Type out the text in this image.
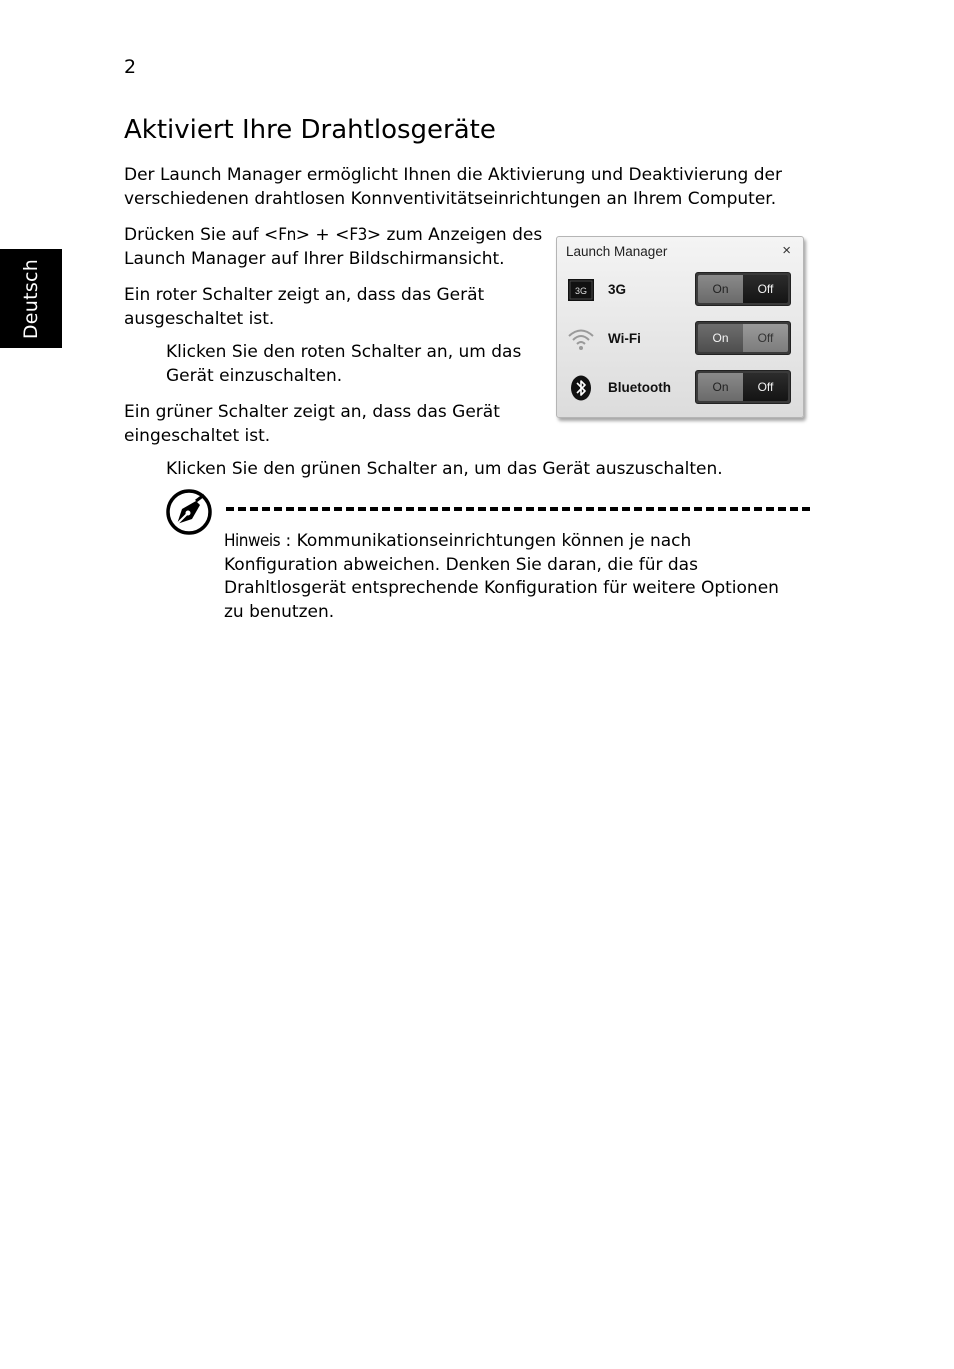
2
Deutsch
Aktiviert Ihre Drahtlosgeräte
Der Launch Manager ermöglicht Ihnen die Aktivierung und Deaktivierung der verschiedenen drahtlosen Konnventivitätseinrichtungen an Ihrem Computer.
Drücken Sie auf <Fn> + <F3> zum Anzeigen des Launch Manager auf Ihrer Bildschirmansicht.
Ein roter Schalter zeigt an, dass das Gerät ausgeschaltet ist.
Klicken Sie den roten Schalter an, um das Gerät einzuschalten.
Ein grüner Schalter zeigt an, dass das Gerät eingeschaltet ist.
Klicken Sie den grünen Schalter an, um das Gerät auszuschalten.
Launch Manager	×
3G 3G	On	Off
Wi-Fi	On	Off
Bluetooth	On	Off
Hinweis : Kommunikationseinrichtungen können je nach Konfiguration abweichen. Denken Sie daran, die für das Drahltlosgerät entsprechende Konfiguration für weitere Optionen zu benutzen.
